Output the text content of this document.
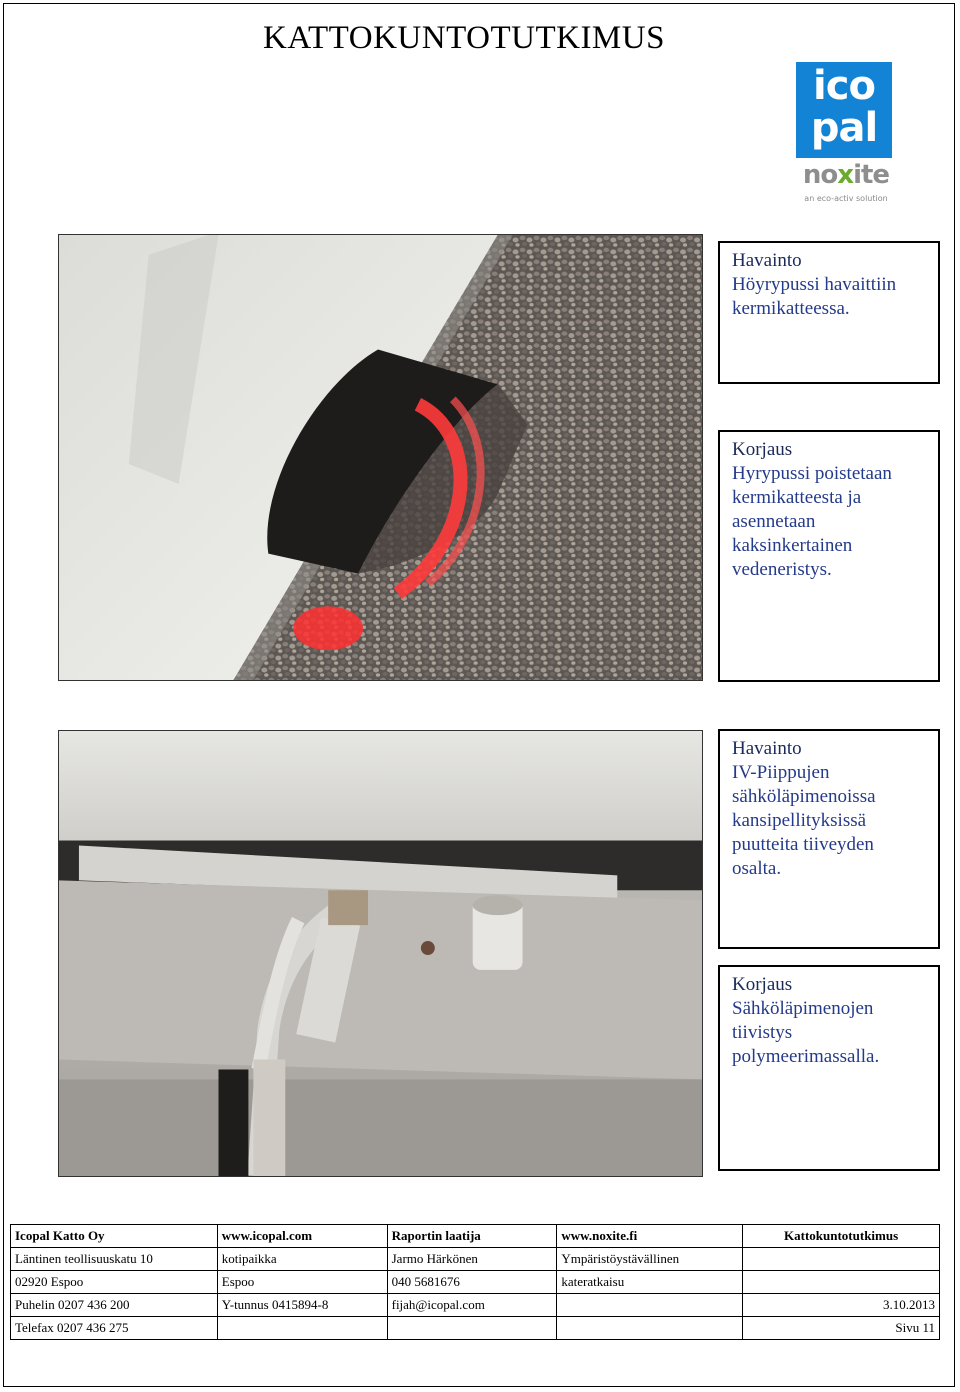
KATTOKUNTOTUTKIMUS
ico
pal
noxite
an eco-activ solution
Havainto
Höyrypussi havaittiin kermikatteessa.
Korjaus
Hyrypussi poistetaan kermikatteesta ja asennetaan kaksinkertainen vedeneristys.
Havainto
IV-Piippujen sähköläpimenoissa kansipellityksissä puutteita tiiveyden osalta.
Korjaus
Sähköläpimenojen tiivistys polymeerimassalla.
Icopal Katto Oy	www.icopal.com	Raportin laatija	www.noxite.fi	Kattokuntotutkimus
Läntinen teollisuuskatu 10	kotipaikka	Jarmo Härkönen	Ympäristöystävällinen	
02920 Espoo	Espoo	040 5681676	kateratkaisu	
Puhelin 0207 436 200	Y-tunnus 0415894-8	fijah@icopal.com		3.10.2013
Telefax 0207 436 275				Sivu 11
